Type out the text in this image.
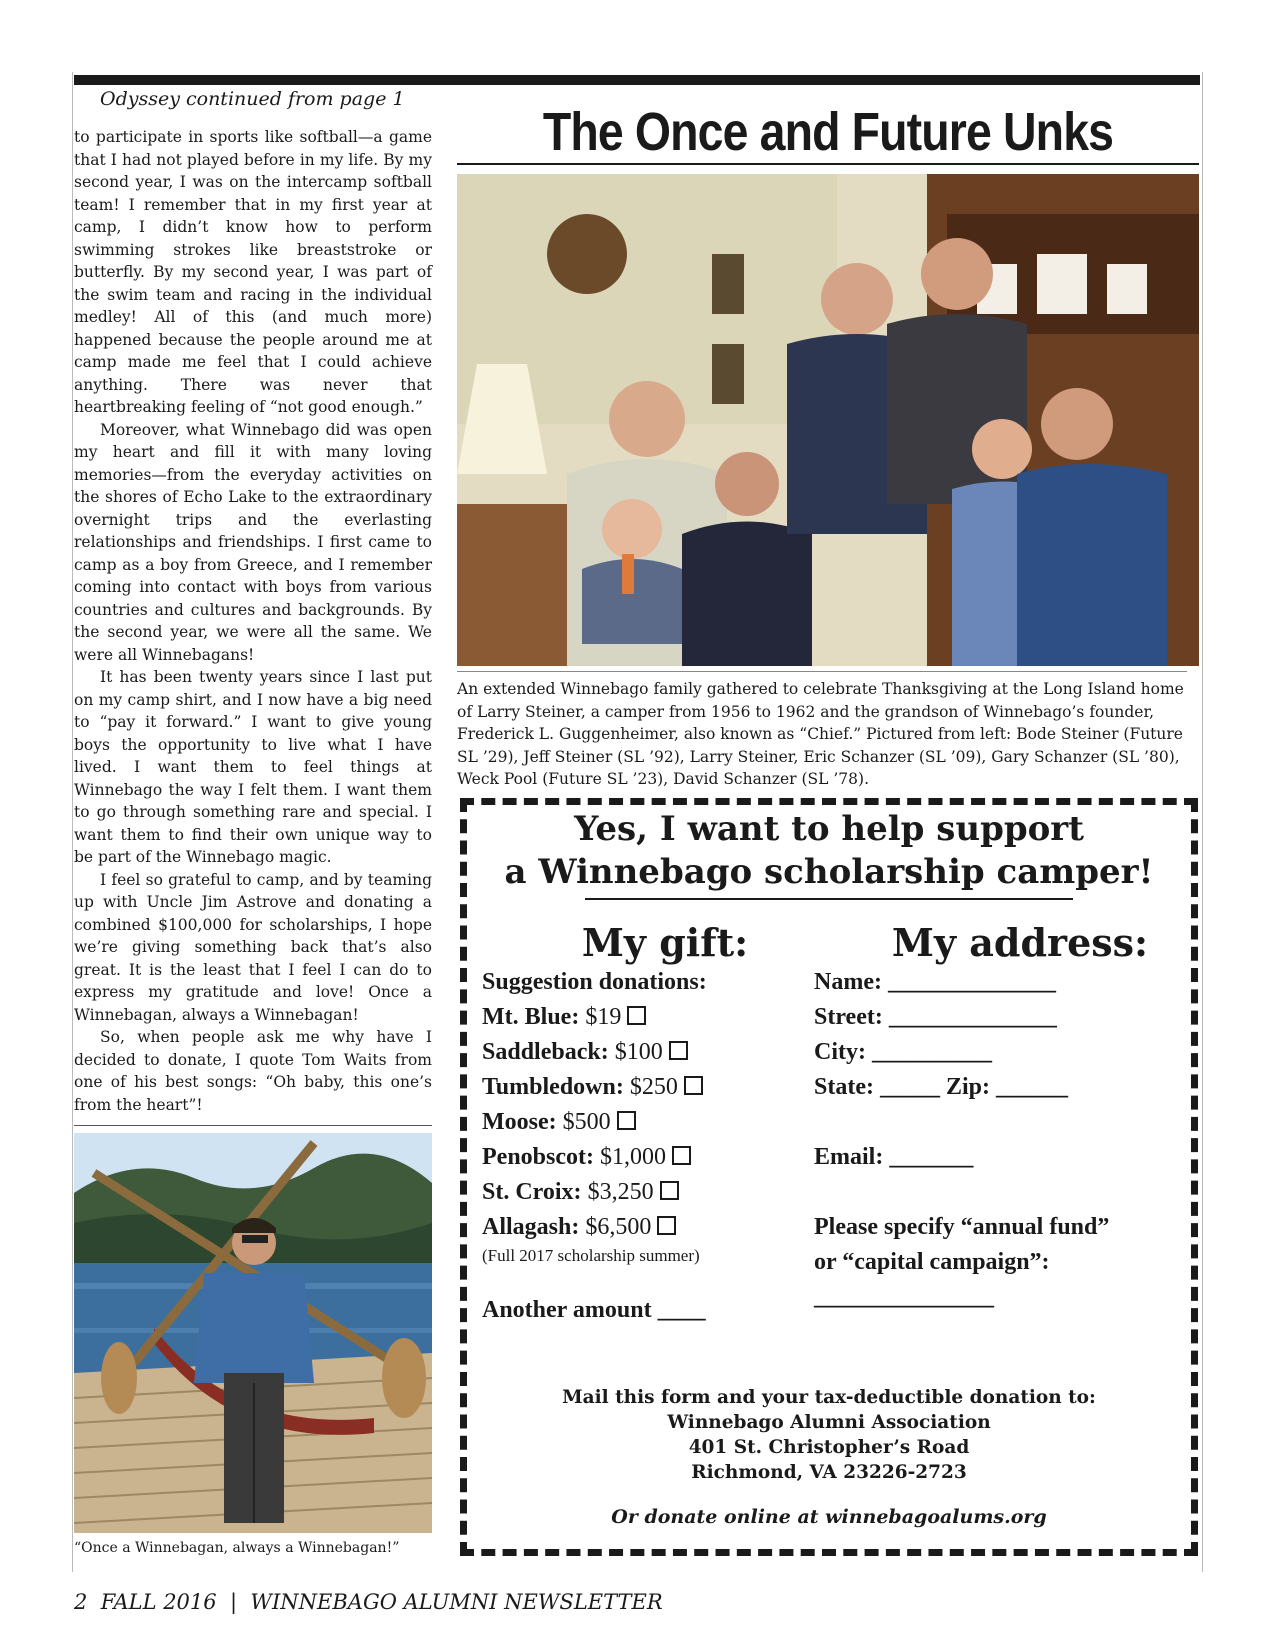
Odyssey continued from page 1

to participate in sports like softball—a game that I had not played before in my life. By my second year, I was on the intercamp softball team! I remember that in my first year at camp, I didn’t know how to perform swimming strokes like breaststroke or butterfly. By my second year, I was part of the swim team and racing in the individual medley! All of this (and much more) happened because the people around me at camp made me feel that I could achieve anything. There was never that heartbreaking feeling of “not good enough.”

Moreover, what Winnebago did was open my heart and fill it with many loving memories—from the everyday activities on the shores of Echo Lake to the extraordinary overnight trips and the everlasting relationships and friendships. I first came to camp as a boy from Greece, and I remember coming into contact with boys from various countries and cultures and backgrounds. By the second year, we were all the same. We were all Winnebagans!

It has been twenty years since I last put on my camp shirt, and I now have a big need to “pay it forward.” I want to give young boys the opportunity to live what I have lived. I want them to feel things at Winnebago the way I felt them. I want them to go through something rare and special. I want them to find their own unique way to be part of the Winnebago magic.

I feel so grateful to camp, and by teaming up with Uncle Jim Astrove and donating a combined $100,000 for scholarships, I hope we’re giving something back that’s also great. It is the least that I feel I can do to express my gratitude and love! Once a Winnebagan, always a Winnebagan!

So, when people ask me why have I decided to donate, I quote Tom Waits from one of his best songs: “Oh baby, this one’s from the heart”!

“Once a Winnebagan, always a Winnebagan!”
The Once and Future Unks
An extended Winnebago family gathered to celebrate Thanksgiving at the Long Island home of Larry Steiner, a camper from 1956 to 1962 and the grandson of Winnebago’s founder, Frederick L. Guggenheimer, also known as “Chief.” Pictured from left: Bode Steiner (Future SL ’29), Jeff Steiner (SL ’92), Larry Steiner, Eric Schanzer (SL ’09), Gary Schanzer (SL ’80), Weck Pool (Future SL ’23), David Schanzer (SL ’78).
Yes, I want to help support
a Winnebago scholarship camper!
My gift:	My address:
Suggestion donations:
Mt. Blue: $19
Saddleback: $100
Tumbledown: $250
Moose: $500
Penobscot: $1,000
St. Croix: $3,250
Allagash: $6,500
(Full 2017 scholarship summer)
Another amount ____
Name: ______________
Street: ______________
City: __________
State: _____ Zip: ______
Email: _______
Please specify “annual fund”
or “capital campaign”:
_______________
Mail this form and your tax-deductible donation to:
Winnebago Alumni Association
401 St. Christopher’s Road
Richmond, VA 23226-2723
Or donate online at winnebagoalums.org
2  FALL 2016  |  WINNEBAGO ALUMNI NEWSLETTER
